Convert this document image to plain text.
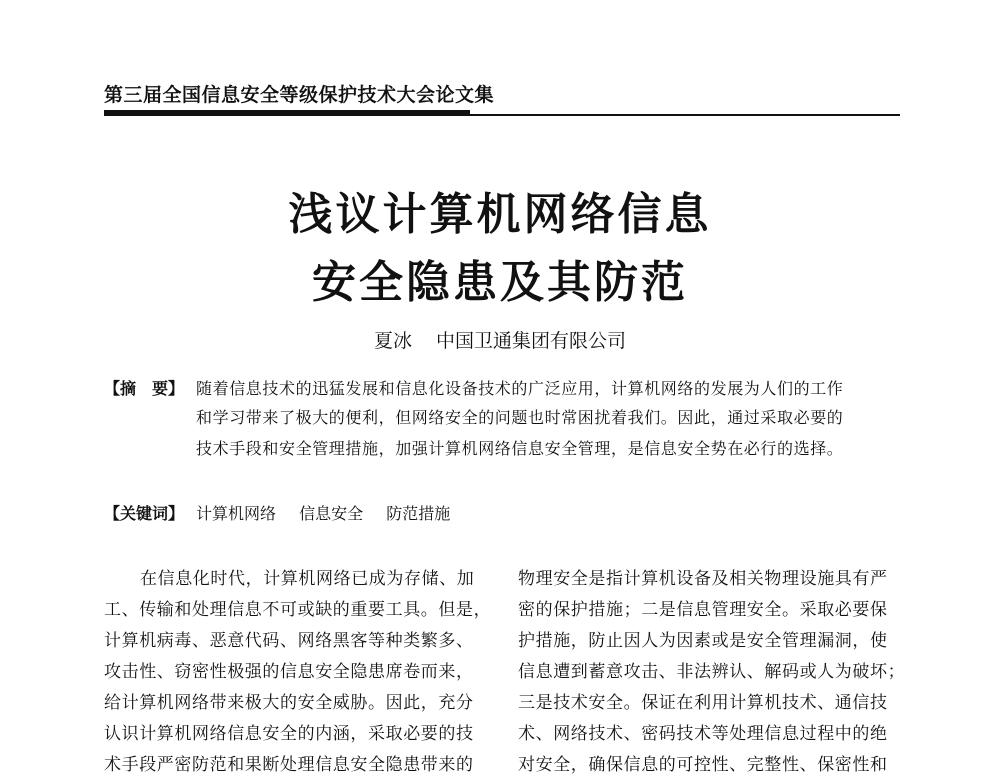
第三届全国信息安全等级保护技术大会论文集
浅议计算机网络信息
安全隐患及其防范
夏冰 中国卫通集团有限公司
【摘　要】 随着信息技术的迅猛发展和信息化设备技术的广泛应用，计算机网络的发展为人们的工作
和学习带来了极大的便利，但网络安全的问题也时常困扰着我们。因此，通过采取必要的
技术手段和安全管理措施，加强计算机网络信息安全管理，是信息安全势在必行的选择。
【关键词】 计算机网络 信息安全 防范措施
在信息化时代，计算机网络已成为存储、加
工、传输和处理信息不可或缺的重要工具。但是，
计算机病毒、恶意代码、网络黑客等种类繁多、
攻击性、窃密性极强的信息安全隐患席卷而来，
给计算机网络带来极大的安全威胁。因此，充分
认识计算机网络信息安全的内涵，采取必要的技
术手段严密防范和果断处理信息安全隐患带来的
物理安全是指计算机设备及相关物理设施具有严
密的保护措施；二是信息管理安全。采取必要保
护措施，防止因人为因素或是安全管理漏洞，使
信息遭到蓄意攻击、非法辨认、解码或人为破坏；
三是技术安全。保证在利用计算机技术、通信技
术、网络技术、密码技术等处理信息过程中的绝
对安全，确保信息的可控性、完整性、保密性和
